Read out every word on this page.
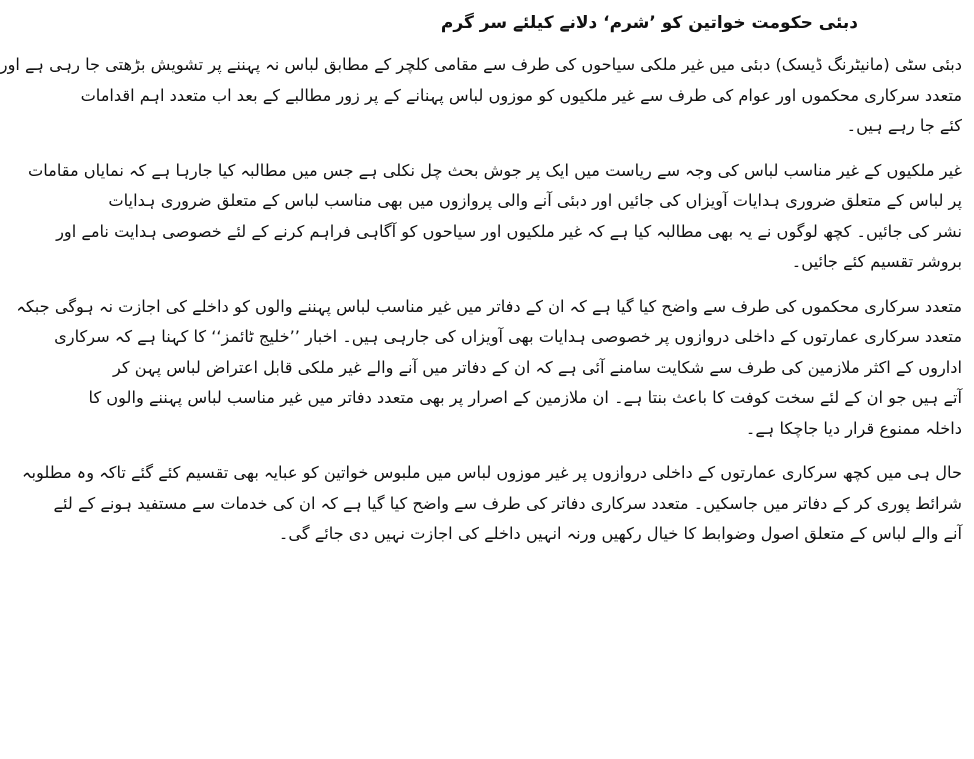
دبئی حکومت خواتین کو ’شرم‘ دلانے کیلئے سر گرم
دبئی سٹی (مانیٹرنگ ڈیسک) دبئی میں غیر ملکی سیاحوں کی طرف سے مقامی کلچر کے مطابق لباس نہ پہننے پر تشویش بڑھتی جا رہی ہے اور
متعدد سرکاری محکموں اور عوام کی طرف سے غیر ملکیوں کو موزوں لباس پہنانے کے پر زور مطالبے کے بعد اب متعدد اہم اقدامات
کئے جا رہے ہیں۔
غیر ملکیوں کے غیر مناسب لباس کی وجہ سے ریاست میں ایک پر جوش بحث چل نکلی ہے جس میں مطالبہ کیا جارہا ہے کہ نمایاں مقامات
پر لباس کے متعلق ضروری ہدایات آویزاں کی جائیں اور دبئی آنے والی پروازوں میں بھی مناسب لباس کے متعلق ضروری ہدایات
نشر کی جائیں۔ کچھ لوگوں نے یہ بھی مطالبہ کیا ہے کہ غیر ملکیوں اور سیاحوں کو آگاہی فراہم کرنے کے لئے خصوصی ہدایت نامے اور
بروشر تقسیم کئے جائیں۔
متعدد سرکاری محکموں کی طرف سے واضح کیا گیا ہے کہ ان کے دفاتر میں غیر مناسب لباس پہننے والوں کو داخلے کی اجازت نہ ہوگی جبکہ
متعدد سرکاری عمارتوں کے داخلی دروازوں پر خصوصی ہدایات بھی آویزاں کی جارہی ہیں۔ اخبار ’’خلیج ٹائمز‘‘ کا کہنا ہے کہ سرکاری
اداروں کے اکثر ملازمین کی طرف سے شکایت سامنے آئی ہے کہ ان کے دفاتر میں آنے والے غیر ملکی قابل اعتراض لباس پہن کر
آتے ہیں جو ان کے لئے سخت کوفت کا باعث بنتا ہے۔ ان ملازمین کے اصرار پر بھی متعدد دفاتر میں غیر مناسب لباس پہننے والوں کا
داخلہ ممنوع قرار دیا جاچکا ہے۔
حال ہی میں کچھ سرکاری عمارتوں کے داخلی دروازوں پر غیر موزوں لباس میں ملبوس خواتین کو عبایہ بھی تقسیم کئے گئے تاکہ وہ مطلوبہ
شرائط پوری کر کے دفاتر میں جاسکیں۔ متعدد سرکاری دفاتر کی طرف سے واضح کیا گیا ہے کہ ان کی خدمات سے مستفید ہونے کے لئے
آنے والے لباس کے متعلق اصول وضوابط کا خیال رکھیں ورنہ انہیں داخلے کی اجازت نہیں دی جائے گی۔
